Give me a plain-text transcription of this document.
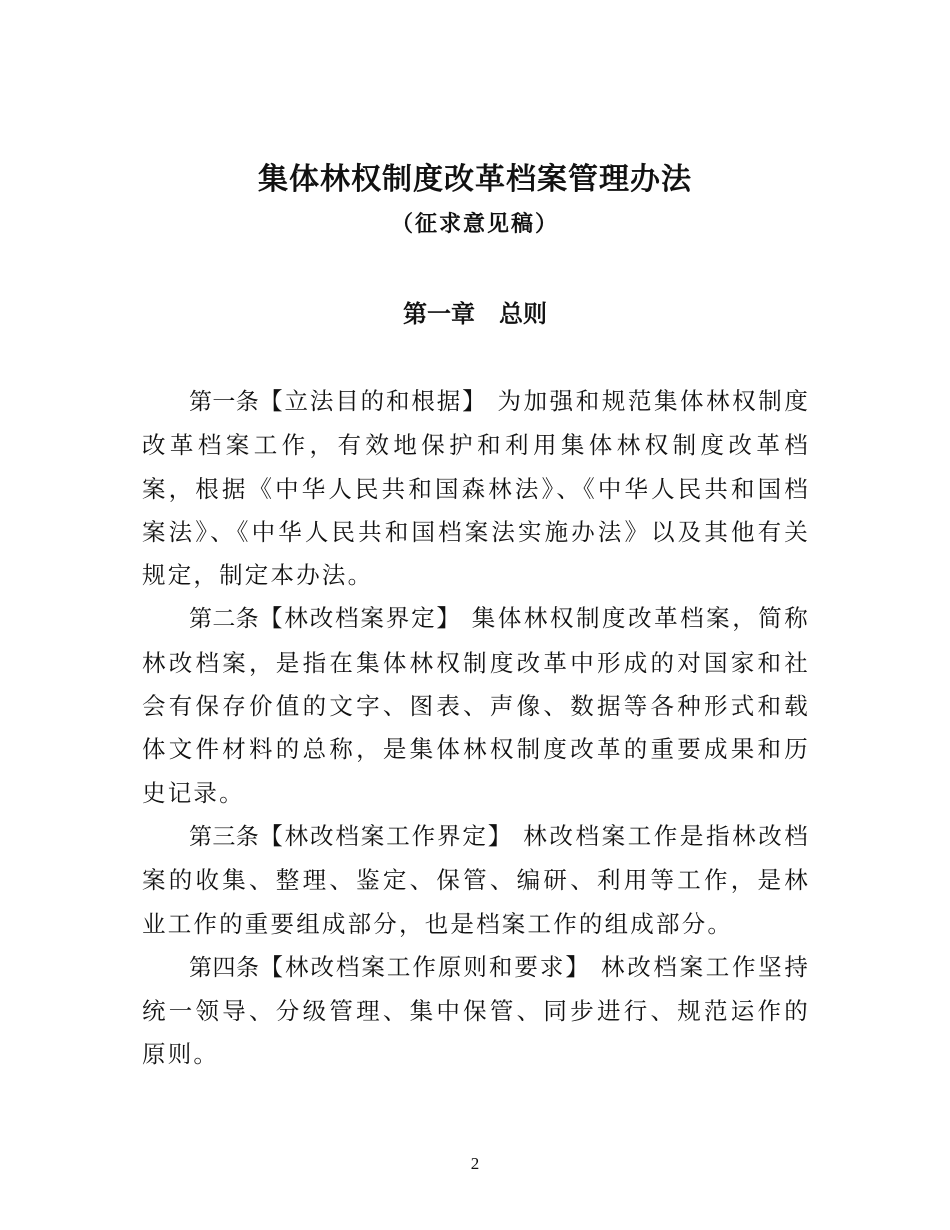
集体林权制度改革档案管理办法
（征求意见稿）
第一章　总则

第一条【立法目的和根据】 为加强和规范集体林权制度改革档案工作，有效地保护和利用集体林权制度改革档案，根据《中华人民共和国森林法》、《中华人民共和国档案法》、《中华人民共和国档案法实施办法》以及其他有关规定，制定本办法。

第二条【林改档案界定】 集体林权制度改革档案，简称林改档案，是指在集体林权制度改革中形成的对国家和社会有保存价值的文字、图表、声像、数据等各种形式和载体文件材料的总称，是集体林权制度改革的重要成果和历史记录。

第三条【林改档案工作界定】 林改档案工作是指林改档案的收集、整理、鉴定、保管、编研、利用等工作，是林业工作的重要组成部分，也是档案工作的组成部分。

第四条【林改档案工作原则和要求】 林改档案工作坚持统一领导、分级管理、集中保管、同步进行、规范运作的原则。

2
